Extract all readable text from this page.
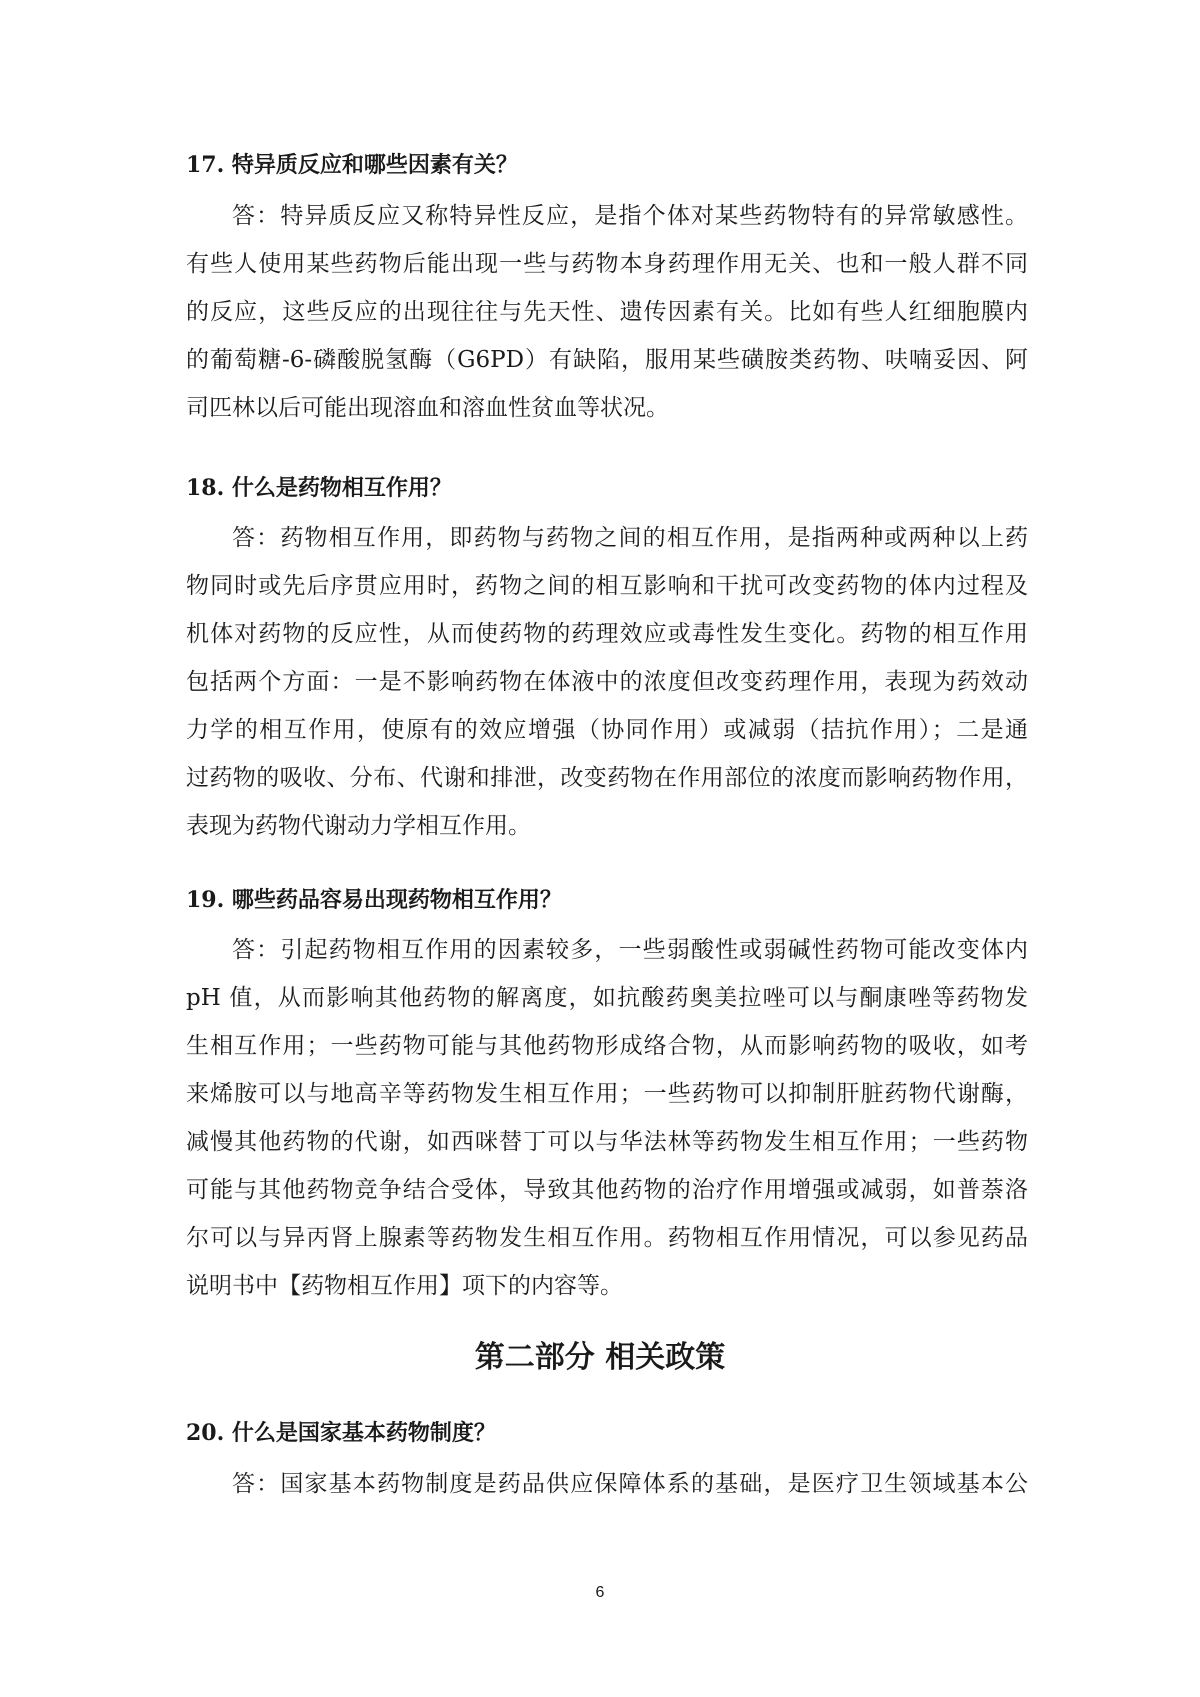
17. 特异质反应和哪些因素有关？
答：特异质反应又称特异性反应，是指个体对某些药物特有的异常敏感性。
有些人使用某些药物后能出现一些与药物本身药理作用无关、也和一般人群不同
的反应，这些反应的出现往往与先天性、遗传因素有关。比如有些人红细胞膜内
的葡萄糖-6-磷酸脱氢酶（G6PD）有缺陷，服用某些磺胺类药物、呋喃妥因、阿
司匹林以后可能出现溶血和溶血性贫血等状况。
18. 什么是药物相互作用？
答：药物相互作用，即药物与药物之间的相互作用，是指两种或两种以上药
物同时或先后序贯应用时，药物之间的相互影响和干扰可改变药物的体内过程及
机体对药物的反应性，从而使药物的药理效应或毒性发生变化。药物的相互作用
包括两个方面：一是不影响药物在体液中的浓度但改变药理作用，表现为药效动
力学的相互作用，使原有的效应增强（协同作用）或减弱（拮抗作用）；二是通
过药物的吸收、分布、代谢和排泄，改变药物在作用部位的浓度而影响药物作用，
表现为药物代谢动力学相互作用。
19. 哪些药品容易出现药物相互作用？
答：引起药物相互作用的因素较多，一些弱酸性或弱碱性药物可能改变体内
pH 值，从而影响其他药物的解离度，如抗酸药奥美拉唑可以与酮康唑等药物发
生相互作用；一些药物可能与其他药物形成络合物，从而影响药物的吸收，如考
来烯胺可以与地高辛等药物发生相互作用；一些药物可以抑制肝脏药物代谢酶，
减慢其他药物的代谢，如西咪替丁可以与华法林等药物发生相互作用；一些药物
可能与其他药物竞争结合受体，导致其他药物的治疗作用增强或减弱，如普萘洛
尔可以与异丙肾上腺素等药物发生相互作用。药物相互作用情况，可以参见药品
说明书中【药物相互作用】项下的内容等。
第二部分 相关政策
20. 什么是国家基本药物制度？
答：国家基本药物制度是药品供应保障体系的基础，是医疗卫生领域基本公
6
